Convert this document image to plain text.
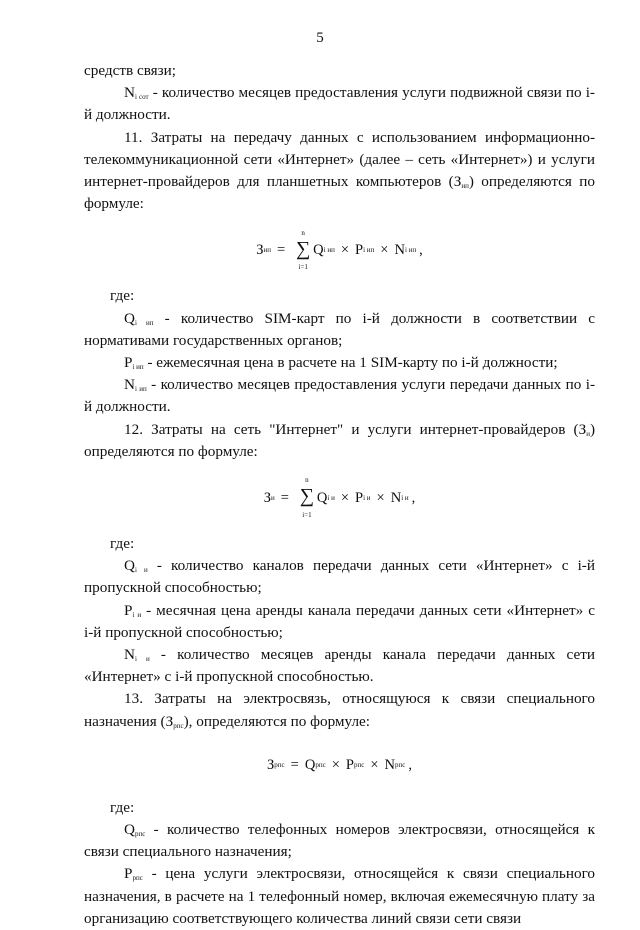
5

средств связи;

$N_{i сот}$ - количество месяцев предоставления услуги подвижной связи по i-й должности.

11. Затраты на передачу данных с использованием информационно-телекоммуникационной сети «Интернет» (далее – сеть «Интернет») и услуги интернет-провайдеров для планшетных компьютеров $(З_{ип})$ определяются по формуле:

З ип =
n
∑
i=1
Q i ип × P i ип × N i ип ,

где:

$Q_{i ип}$ - количество SIM-карт по i-й должности в соответствии с нормативами государственных органов;

$P_{i ип}$ - ежемесячная цена в расчете на 1 SIM-карту по i-й должности;

$N_{i ип}$ - количество месяцев предоставления услуги передачи данных по i-й должности.

12. Затраты на сеть "Интернет" и услуги интернет-провайдеров $(З_и)$ определяются по формуле:

З и =
n
∑
i=1
Q i и × P i и × N i и ,

где:

$Q_{i и}$ - количество каналов передачи данных сети «Интернет» с i-й пропускной способностью;

$P_{i и}$ - месячная цена аренды канала передачи данных сети «Интернет» с i-й пропускной способностью;

$N_{i и}$ - количество месяцев аренды канала передачи данных сети «Интернет» с i-й пропускной способностью.

13. Затраты на электросвязь, относящуюся к связи специального назначения $(З_{рпс})$, определяются по формуле:

З рпс = Q рпс × P рпс × N рпс ,

где:

$Q_{рпс}$ - количество телефонных номеров электросвязи, относящейся к связи специального назначения;

$P_{рпс}$ - цена услуги электросвязи, относящейся к связи специального назначения, в расчете на 1 телефонный номер, включая ежемесячную плату за организацию соответствующего количества линий связи сети связи
